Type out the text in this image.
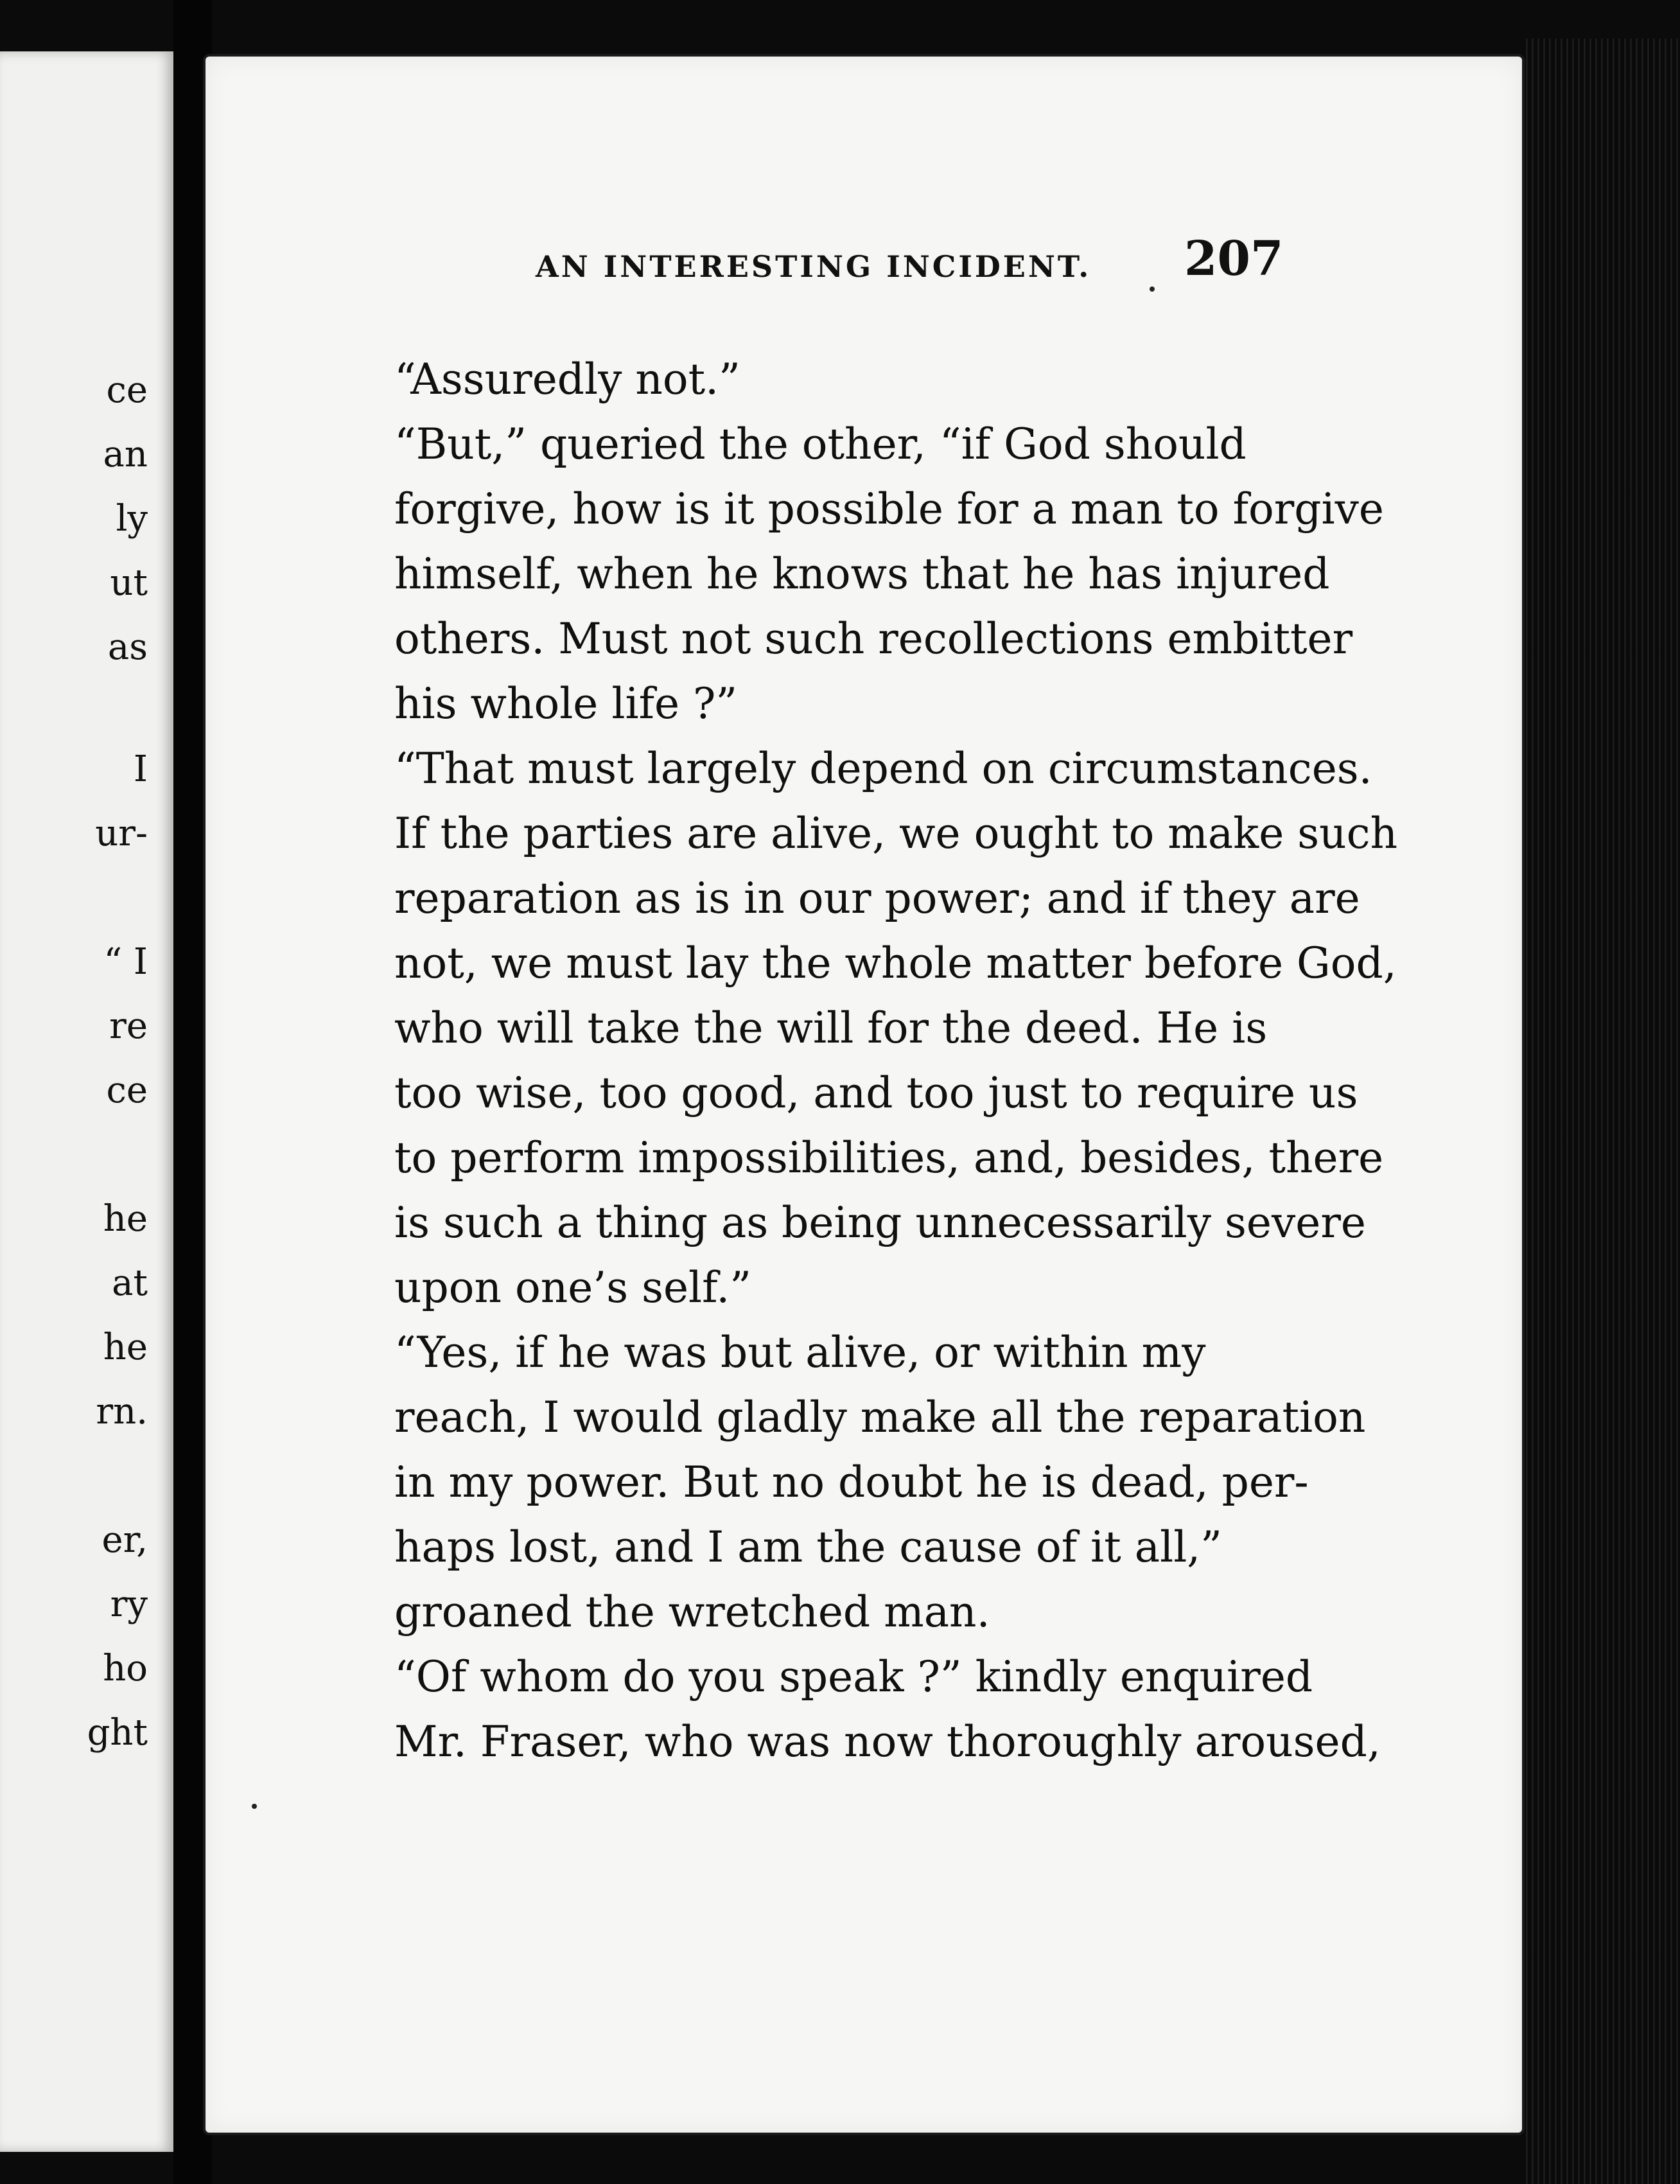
ce
an
ly
ut
as
I
ur-
“ I
re
ce
he
at
he
rn.
er,
ry
ho
ght
AN INTERESTING INCIDENT. 207

“Assuredly not.”

“But,” queried the other, “if God should
forgive, how is it possible for a man to forgive
himself, when he knows that he has injured
others. Must not such recollections embitter
his whole life ?”

“That must largely depend on circumstances.
If the parties are alive, we ought to make such
reparation as is in our power; and if they are
not, we must lay the whole matter before God,
who will take the will for the deed. He is
too wise, too good, and too just to require us
to perform impossibilities, and, besides, there
is such a thing as being unnecessarily severe
upon one’s self.”

“Yes, if he was but alive, or within my
reach, I would gladly make all the reparation
in my power. But no doubt he is dead, per-
haps lost, and I am the cause of it all,”
groaned the wretched man.

“Of whom do you speak ?” kindly enquired
Mr. Fraser, who was now thoroughly aroused,
